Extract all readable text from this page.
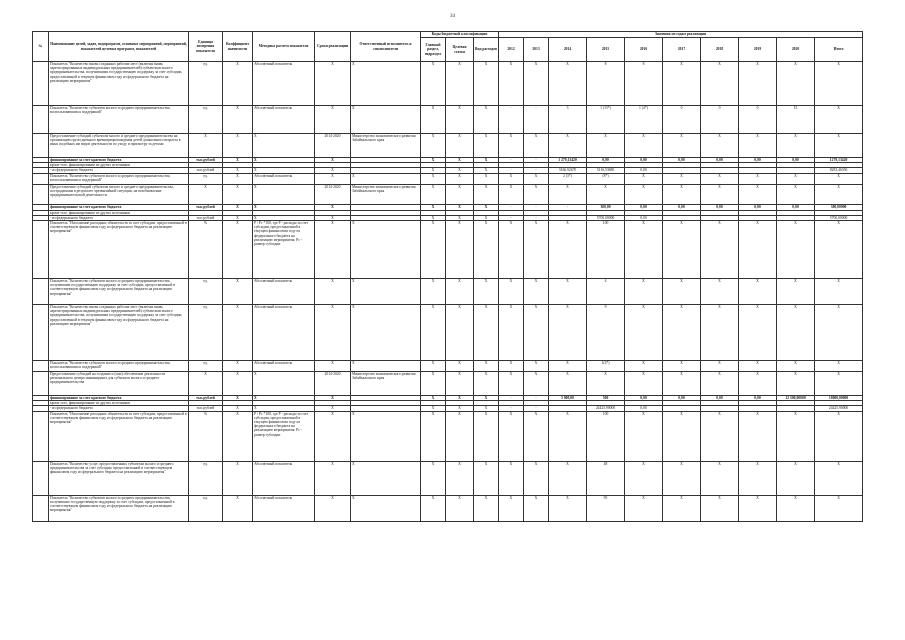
34
№	Наименование целей, задач, подпрограмм, основных мероприятий, мероприятий, показателей целевых программ, показателей	Единица измерения показателя	Коэффициент значимости	Методика расчета показателя	Сроки реализации	Ответственный исполнитель и соисполнители	Коды бюджетной классификации			Значения по годам реализации									
							Главный раздел, подраздел	Целевая статья	Вид расходов	2012	2013	2014	2015	2016	2017	2018	2019	2020	Итого
	Показатель "Количество вновь созданных рабочих мест (включая вновь зарегистрированных индивидуальных предпринимателей) субъектами малого предпринимательства, получившими государственную поддержку за счет субсидии, предоставленной в текущем финансовом году из федерального бюджета на реализацию мероприятия"	ед.	Х	Абсолютный показатель	Х	Х	Х	Х	Х	Х	Х	Х	8	8	Х	Х	Х	Х	Х
	Показатель "Количество субъектов малого и среднего предпринимательства, воспользовавшихся поддержкой"	ед.	Х	Абсолютный показатель	Х	Х	Х	Х	Х	-	-	3	1 (15*)	1 (4*)	0	0	0	15	Х
	Предоставление субсидий субъектам малого и среднего предпринимательства на организацию групп дневного времяпрепровождения детей дошкольного возраста в иных подобных им видов деятельности по уходу и присмотру за детьми	Х	Х	Х	2014-2020	Министерство экономического развития Забайкальского края	Х	Х	Х	Х	Х	Х	Х	Х	Х	Х	Х	Х	Х
	финансирование за счет краевого бюджета	тыс.рублей	Х	Х	Х		Х	Х	Х	-	-	1 279,13420	0,00	0,00	0,00	0,00	0,00	0,00	1279,13420
	кроме того, финансирование из других источников																		
	- из федерального бюджета	тыс.рублей	Х	Х	Х		Х	Х	Х	-	-	3166,92670	5116,53680	0,00					8283,46350
	Показатель "Количество субъектов малого и среднего предпринимательства, воспользовавшихся поддержкой"	ед.	Х	Абсолютный показатель	Х	Х	Х	Х	Х	Х	Х	2 (3*)	(8*)	Х	Х	Х	Х	Х	Х
	Предоставление субсидий субъектам малого и среднего предпринимательства, пострадавшим в результате чрезвычайной ситуации, на возобновление предпринимательской деятельности	Х	Х	Х	2014-2020	Министерство экономического развития Забайкальского края	Х	Х	Х	Х	Х	Х	Х	Х	Х	Х	Х	Х	Х
	финансирование за счет краевого бюджета	тыс.рублей	Х	Х	Х		Х	Х	Х	-	-	-	300,00	0,00	0,00	0,00	0,00	0,00	300,00000
	кроме того, финансирование из других источников																		
	- из федерального бюджета	тыс.рублей	Х	Х	Х		Х	Х	Х	-	-		5700,00000	0,00					5700,00000
	Показатель "Исполнение расходных обязательств за счет субсидии, предоставленной в соответствующем финансовом году из федерального бюджета на реализацию мероприятия"	%	Х	Р / Рс *100, где Р - расходы за счет субсидии, предоставленной в текущем финансовом году из федерального бюджета на реализацию мероприятия; Рс - размер субсидии	Х	Х	Х	Х	Х	Х	Х	Х	100	Х	Х	Х	Х	Х	Х
	Показатель "Количество субъектов малого и среднего предпринимательства, получившим государственную поддержку за счет субсидии, предоставленной в соответствующем финансовом году из федерального бюджета на реализацию мероприятия"	ед.	Х	Абсолютный показатель	Х	Х	Х	Х	Х	Х	Х	Х	4	Х	Х	Х	Х	Х	Х
	Показатель "Количество вновь созданных рабочих мест (включая вновь зарегистрированных индивидуальных предпринимателей) субъектами малого предпринимательства, получившими государственную поддержку за счет субсидии, предоставленной в текущем финансовом году из федерального бюджета на реализацию мероприятия"	ед.	Х	Абсолютный показатель	Х	Х	Х	Х	Х	Х	Х	Х	9	Х	Х	Х	Х	Х	Х
	Показатель "Количество субъектов малого и среднего предпринимательства, воспользовавшихся поддержкой"	ед.	Х	Абсолютный показатель	Х	Х	Х	Х	Х	Х	Х	Х	1(4*)	Х	Х	Х	Х	Х	Х
	Предоставление субсидий на создание и (или) обеспечение деятельности регионального центра инжиниринга для субъектов малого и среднего предпринимательства	Х	Х	Х	2014-2020	Министерство экономического развития Забайкальского края	Х	Х	Х	Х	Х	Х	Х	Х	Х	Х	Х	Х	Х
	финансирование за счет краевого бюджета	тыс.рублей	Х	Х	Х		Х	Х	Х	-	-	5 000,00	500	0,00	0,00	0,00	0,00	12 500,00000	18000,00000
	кроме того, финансирование из других источников																		
	- из федерального бюджета	тыс.рублей	Х	Х	Х		Х	Х	Х	-	-		24425,90000	0,00					24425,90000
	Показатель "Исполнение расходных обязательств за счет субсидии, предоставленной в соответствующем финансовом году из федерального бюджета на реализацию мероприятия"	%	Х	Р / Рс *100, где Р - расходы за счет субсидии, предоставленной в текущем финансовом году из федерального бюджета на реализацию мероприятия; Рс - размер субсидии	Х	Х	Х	Х	Х	Х	Х	Х	100	Х	Х	Х	Х	Х	Х
	Показатель "Количество услуг, предоставленных субъектам малого и среднего предпринимательства за счет субсидии, предоставленной в соответствующем финансовом году из федерального бюджета на реализацию мероприятия"	ед.	Х	Абсолютный показатель	Х	Х	Х	Х	Х	Х	Х	Х	48	Х	Х	Х	Х	Х	Х
	Показатель "Количество субъектов малого и среднего предпринимательства, получивших государственную поддержку за счет субсидии, предоставленной в соответствующем финансовом году из федерального бюджета на реализацию мероприятия"	ед.	Х	Абсолютный показатель	Х	Х	Х	Х	Х	Х	Х	Х	95	Х	Х	Х	Х	Х	Х
